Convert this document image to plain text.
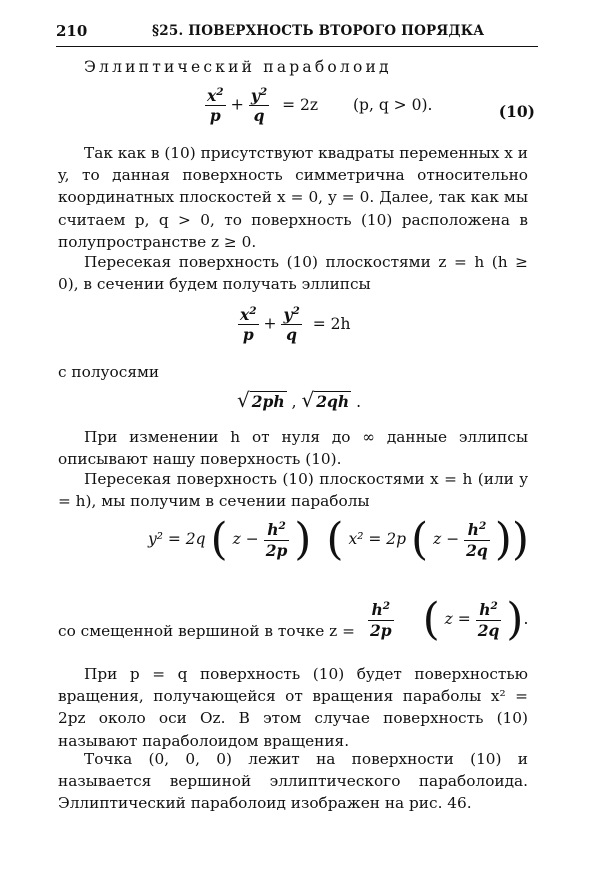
210	§25. ПОВЕРХНОСТЬ ВТОРОГО ПОРЯДКА
Эллиптический параболоид
$\frac{x^2}{p} + \frac{y^2}{q} = 2z$ (p, q > 0).	(10)
Так как в (10) присутствуют квадраты переменных x и y, то данная поверхность симметрична относительно координатных плоскостей x = 0, y = 0. Далее, так как мы считаем p, q > 0, то поверхность (10) расположена в полупространстве z ≥ 0.
Пересекая поверхность (10) плоскостями z = h (h ≥ 0), в сечении будем получать эллипсы
$\frac{x^2}{p} + \frac{y^2}{q} = 2h$
с полуосями
√ 2ph , √ 2qh .
При изменении h от нуля до ∞ данные эллипсы описывают нашу поверхность (10).
Пересекая поверхность (10) плоскостями x = h (или y = h), мы получим в сечении параболы
y² = 2q ( $z - \frac{h^2}{2p}$ ) ( x² = 2p ( $z - \frac{h^2}{2q}$ ))
со смещенной вершиной в точке $z = \frac{h^2}{2p}$ ( $z = \frac{h^2}{2q}$ ).
При p = q поверхность (10) будет поверхностью вращения, получающейся от вращения параболы x² = 2pz около оси Oz. В этом случае поверхность (10) называют параболоидом вращения.
Точка (0, 0, 0) лежит на поверхности (10) и называется вершиной эллиптического параболоида. Эллиптический параболоид изображен на рис. 46.
